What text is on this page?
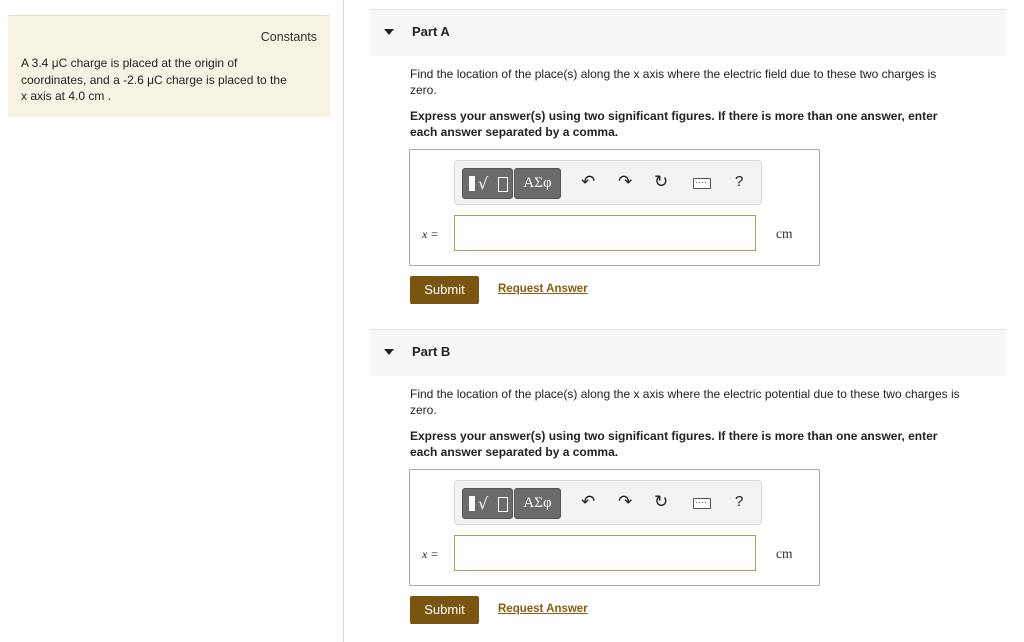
Constants
A 3.4 μC charge is placed at the origin of
coordinates, and a -2.6 μC charge is placed to the
x axis at 4.0 cm .
Part A
Find the location of the place(s) along the x axis where the electric field due to these two charges is
zero.
Express your answer(s) using two significant figures. If there is more than one answer, enter
each answer separated by a comma.
√	ΑΣφ	↶ ↷ ↻	?
x =	cm
Submit	Request Answer
Part B
Find the location of the place(s) along the x axis where the electric potential due to these two charges is
zero.
Express your answer(s) using two significant figures. If there is more than one answer, enter
each answer separated by a comma.
√	ΑΣφ	↶ ↷ ↻	?
x =	cm
Submit	Request Answer
